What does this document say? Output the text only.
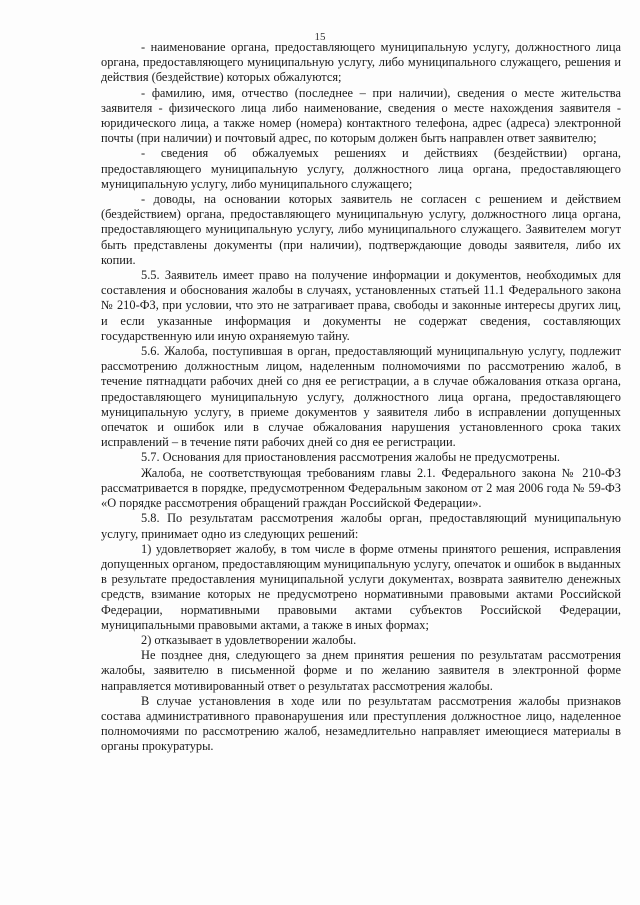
15

- наименование органа, предоставляющего муниципальную услугу, должностного лица органа, предоставляющего муниципальную услугу, либо муниципального служащего, решения и действия (бездействие) которых обжалуются;

- фамилию, имя, отчество (последнее – при наличии), сведения о месте жительства заявителя - физического лица либо наименование, сведения о месте нахождения заявителя - юридического лица, а также номер (номера) контактного телефона, адрес (адреса) электронной почты (при наличии) и почтовый адрес, по которым должен быть направлен ответ заявителю;

- сведения об обжалуемых решениях и действиях (бездействии) органа, предоставляющего муниципальную услугу, должностного лица органа, предоставляющего муниципальную услугу, либо муниципального служащего;

- доводы, на основании которых заявитель не согласен с решением и действием (бездействием) органа, предоставляющего муниципальную услугу, должностного лица органа, предоставляющего муниципальную услугу, либо муниципального служащего. Заявителем могут быть представлены документы (при наличии), подтверждающие доводы заявителя, либо их копии.

5.5. Заявитель имеет право на получение информации и документов, необходимых для составления и обоснования жалобы в случаях, установленных статьей 11.1 Федерального закона № 210-ФЗ, при условии, что это не затрагивает права, свободы и законные интересы других лиц, и если указанные информация и документы не содержат сведения, составляющих государственную или иную охраняемую тайну.

5.6. Жалоба, поступившая в орган, предоставляющий муниципальную услугу, подлежит рассмотрению должностным лицом, наделенным полномочиями по рассмотрению жалоб, в течение пятнадцати рабочих дней со дня ее регистрации, а в случае обжалования отказа органа, предоставляющего муниципальную услугу, должностного лица органа, предоставляющего муниципальную услугу, в приеме документов у заявителя либо в исправлении допущенных опечаток и ошибок или в случае обжалования нарушения установленного срока таких исправлений – в течение пяти рабочих дней со дня ее регистрации.

5.7. Основания для приостановления рассмотрения жалобы не предусмотрены.

Жалоба, не соответствующая требованиям главы 2.1. Федерального закона № 210-ФЗ рассматривается в порядке, предусмотренном Федеральным законом от 2 мая 2006 года № 59-ФЗ «О порядке рассмотрения обращений граждан Российской Федерации».

5.8. По результатам рассмотрения жалобы орган, предоставляющий муниципальную услугу, принимает одно из следующих решений:

1) удовлетворяет жалобу, в том числе в форме отмены принятого решения, исправления допущенных органом, предоставляющим муниципальную услугу, опечаток и ошибок в выданных в результате предоставления муниципальной услуги документах, возврата заявителю денежных средств, взимание которых не предусмотрено нормативными правовыми актами Российской Федерации, нормативными правовыми актами субъектов Российской Федерации, муниципальными правовыми актами, а также в иных формах;

2) отказывает в удовлетворении жалобы.

Не позднее дня, следующего за днем принятия решения по результатам рассмотрения жалобы, заявителю в письменной форме и по желанию заявителя в электронной форме направляется мотивированный ответ о результатах рассмотрения жалобы.

В случае установления в ходе или по результатам рассмотрения жалобы признаков состава административного правонарушения или преступления должностное лицо, наделенное полномочиями по рассмотрению жалоб, незамедлительно направляет имеющиеся материалы в органы прокуратуры.
